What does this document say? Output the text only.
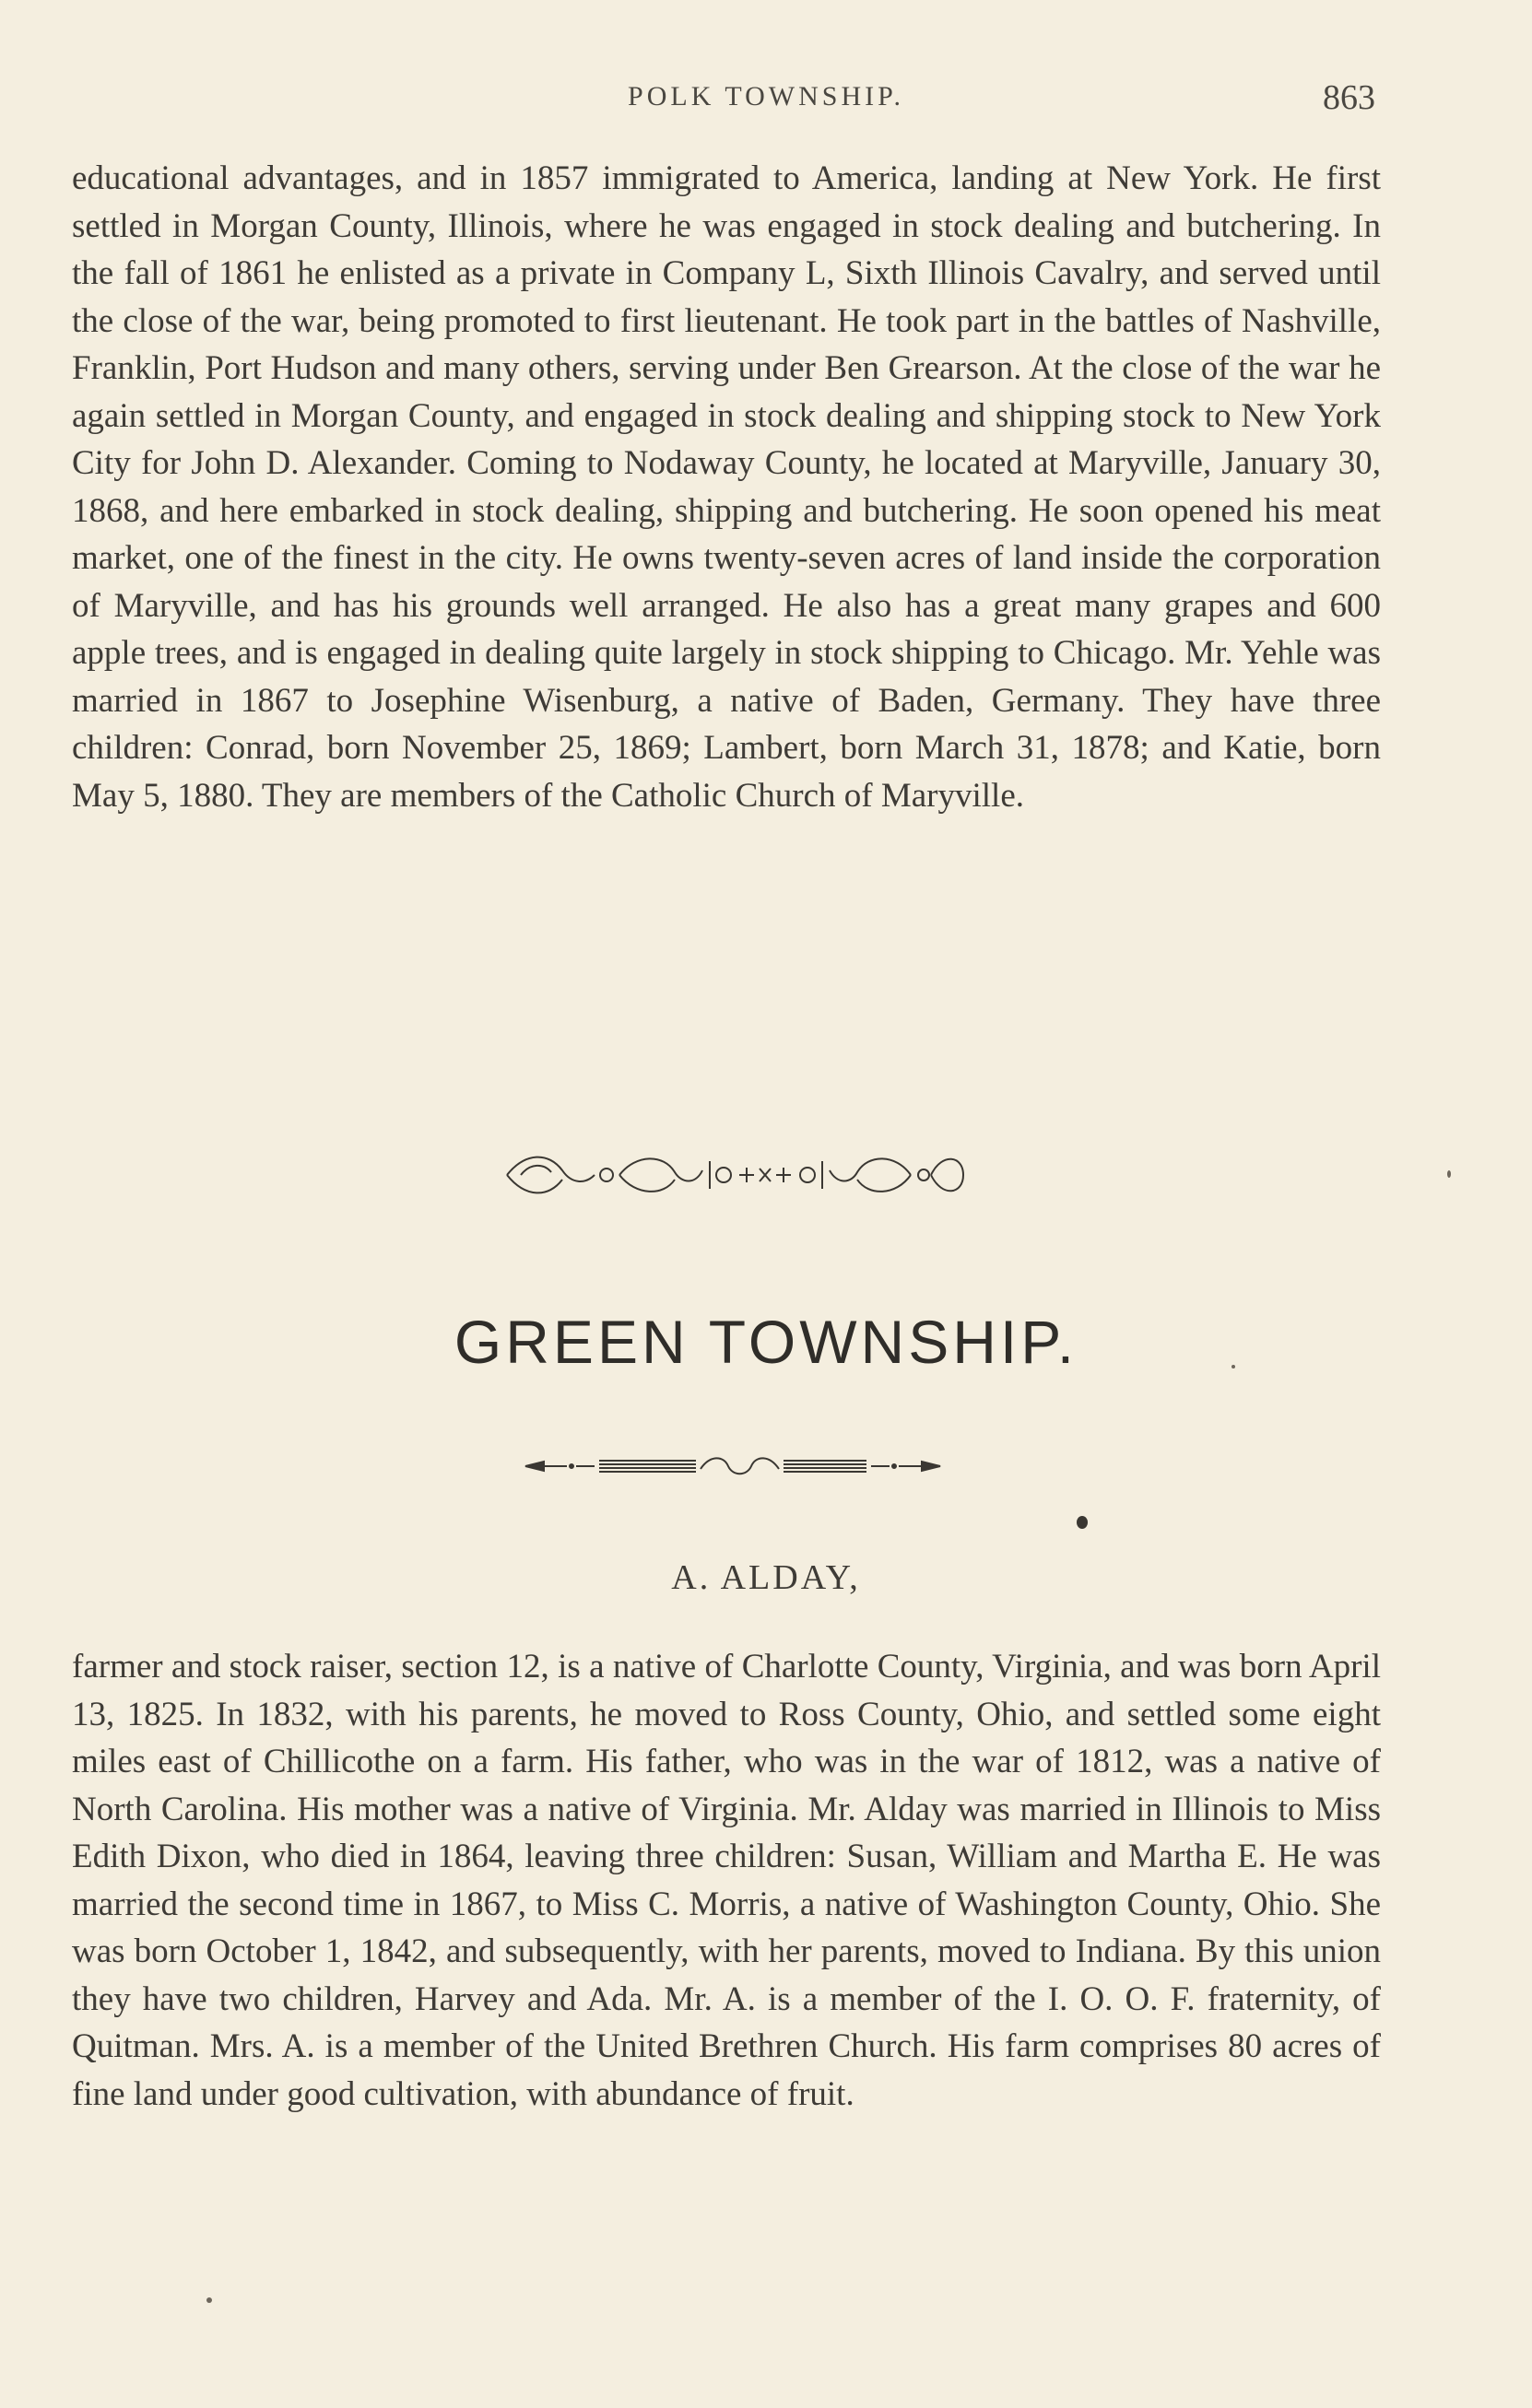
POLK TOWNSHIP.	863

educational advantages, and in 1857 immigrated to America, landing at New York. He first settled in Morgan County, Illinois, where he was engaged in stock dealing and butchering. In the fall of 1861 he enlisted as a private in Company L, Sixth Illinois Cavalry, and served until the close of the war, being promoted to first lieutenant. He took part in the battles of Nashville, Franklin, Port Hudson and many others, serving under Ben Grearson. At the close of the war he again settled in Morgan County, and engaged in stock dealing and shipping stock to New York City for John D. Alexander. Coming to Nodaway County, he located at Maryville, January 30, 1868, and here embarked in stock dealing, shipping and butchering. He soon opened his meat market, one of the finest in the city. He owns twenty-seven acres of land inside the corporation of Maryville, and has his grounds well arranged. He also has a great many grapes and 600 apple trees, and is engaged in dealing quite largely in stock shipping to Chicago. Mr. Yehle was married in 1867 to Josephine Wisenburg, a native of Baden, Germany. They have three children: Conrad, born November 25, 1869; Lambert, born March 31, 1878; and Katie, born May 5, 1880. They are members of the Catholic Church of Maryville.

GREEN TOWNSHIP.
A. ALDAY,

farmer and stock raiser, section 12, is a native of Charlotte County, Virginia, and was born April 13, 1825. In 1832, with his parents, he moved to Ross County, Ohio, and settled some eight miles east of Chillicothe on a farm. His father, who was in the war of 1812, was a native of North Carolina. His mother was a native of Virginia. Mr. Alday was married in Illinois to Miss Edith Dixon, who died in 1864, leaving three children: Susan, William and Martha E. He was married the second time in 1867, to Miss C. Morris, a native of Washington County, Ohio. She was born October 1, 1842, and subsequently, with her parents, moved to Indiana. By this union they have two children, Harvey and Ada. Mr. A. is a member of the I. O. O. F. fraternity, of Quitman. Mrs. A. is a member of the United Brethren Church. His farm comprises 80 acres of fine land under good cultivation, with abundance of fruit.
